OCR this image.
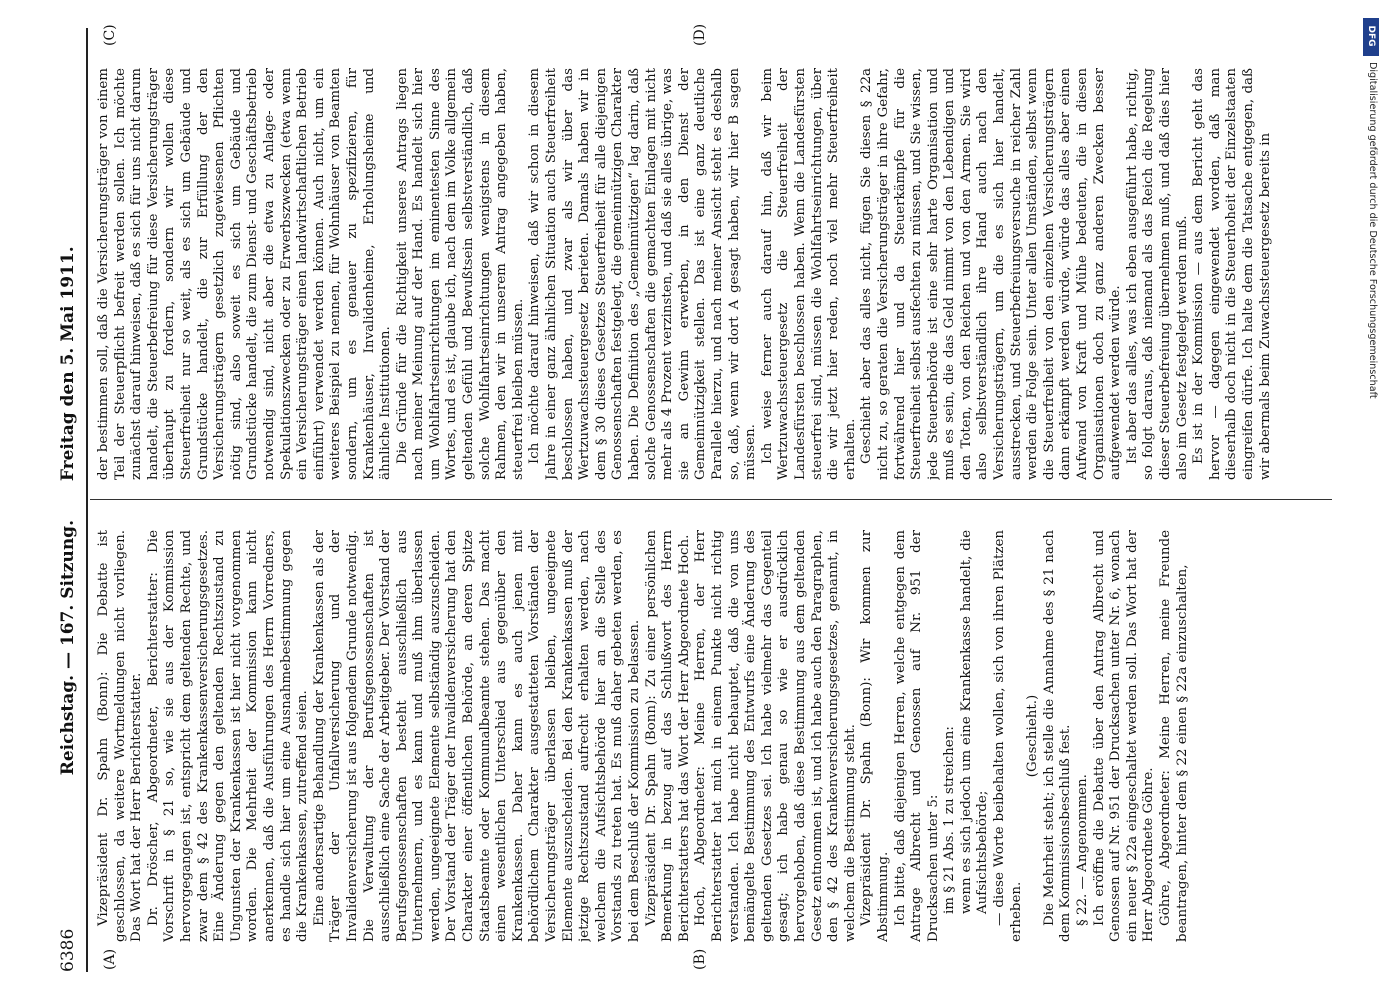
6386
Reichstag. — 167. Sitzung.
Freitag den 5. Mai 1911.
(A)	(B)
(C)	(D)

Vizepräsident Dr. Spahn (Bonn): Die Debatte ist geschlossen, da weitere Wortmeldungen nicht vorliegen. Das Wort hat der Herr Berichterstatter. Dr. Dröscher, Abgeordneter, Berichterstatter: Die Vorschrift in § 21 so, wie sie aus der Kommission hervorgegangen ist, entspricht dem geltenden Rechte, und zwar dem § 42 des Krankenkassenversicherungsgesetzes. Eine Änderung gegen den geltenden Rechtszustand zu Ungunsten der Krankenkassen ist hier nicht vorgenommen worden. Die Mehrheit der Kommission kann nicht anerkennen, daß die Ausführungen des Herrn Vorredners, es handle sich hier um eine Ausnahmebestimmung gegen die Krankenkassen, zutreffend seien. Eine andersartige Behandlung der Krankenkassen als der Träger der Unfallversicherung und der Invalidenversicherung ist aus folgendem Grunde notwendig. Die Verwaltung der Berufsgenossenschaften ist ausschließlich eine Sache der Arbeitgeber. Der Vorstand der Berufsgenossenschaften besteht ausschließlich aus Unternehmern, und es kann und muß ihm überlassen werden, ungeeignete Elemente selbständig auszuscheiden. Der Vorstand der Träger der Invalidenversicherung hat den Charakter einer öffentlichen Behörde, an deren Spitze Staatsbeamte oder Kommunalbeamte stehen. Das macht einen wesentlichen Unterschied aus gegenüber den Krankenkassen. Daher kann es auch jenen mit behördlichem Charakter ausgestatteten Vorständen der Versicherungsträger überlassen bleiben, ungeeignete Elemente auszuscheiden. Bei den Krankenkassen muß der jetzige Rechtszustand aufrecht erhalten werden, nach welchem die Aufsichtsbehörde hier an die Stelle des Vorstands zu treten hat. Es muß daher gebeten werden, es bei dem Beschluß der Kommission zu belassen. Vizepräsident Dr. Spahn (Bonn): Zu einer persönlichen Bemerkung in bezug auf das Schlußwort des Herrn Berichterstatters hat das Wort der Herr Abgeordnete Hoch. Hoch, Abgeordneter: Meine Herren, der Herr Berichterstatter hat mich in einem Punkte nicht richtig verstanden. Ich habe nicht behauptet, daß die von uns bemängelte Bestimmung des Entwurfs eine Änderung des geltenden Gesetzes sei. Ich habe vielmehr das Gegenteil gesagt; ich habe genau so wie er ausdrücklich hervorgehoben, daß diese Bestimmung aus dem geltenden Gesetz entnommen ist, und ich habe auch den Paragraphen, den § 42 des Krankenversicherungsgesetzes, genannt, in welchem die Bestimmung steht. Vizepräsident Dr. Spahn (Bonn): Wir kommen zur Abstimmung. Ich bitte, daß diejenigen Herren, welche entgegen dem Antrage Albrecht und Genossen auf Nr. 951 der Drucksachen unter 5: im § 21 Abs. 1 zu streichen: wenn es sich jedoch um eine Krankenkasse handelt, die Aufsichtsbehörde; — diese Worte beibehalten wollen, sich von ihren Plätzen erheben.

(Geschieht.) Die Mehrheit steht; ich stelle die Annahme des § 21 nach dem Kommissionsbeschluß fest. § 22. — Angenommen. Ich eröffne die Debatte über den Antrag Albrecht und Genossen auf Nr. 951 der Drucksachen unter Nr. 6, wonach ein neuer § 22a eingeschaltet werden soll. Das Wort hat der Herr Abgeordnete Göhre. Göhre, Abgeordneter: Meine Herren, meine Freunde beantragen, hinter dem § 22 einen § 22a einzuschalten,

der bestimmen soll, daß die Versicherungsträger von einem Teil der Steuerpflicht befreit werden sollen. Ich möchte zunächst darauf hinweisen, daß es sich für uns nicht darum handelt, die Steuerbefreiung für diese Versicherungsträger überhaupt zu fordern, sondern wir wollen diese Steuerfreiheit nur so weit, als es sich um Gebäude und Grundstücke handelt, die zur Erfüllung der den Versicherungsträgern gesetzlich zugewiesenen Pflichten nötig sind, also soweit es sich um Gebäude und Grundstücke handelt, die zum Dienst- und Geschäftsbetrieb notwendig sind, nicht aber die etwa zu Anlage- oder Spekulationszwecken oder zu Erwerbszwecken (etwa wenn ein Versicherungsträger einen landwirtschaftlichen Betrieb einführt) verwendet werden können. Auch nicht, um ein weiteres Beispiel zu nennen, für Wohnhäuser von Beamten sondern, um es genauer zu spezifizieren, für Krankenhäuser, Invalidenheime, Erholungsheime und ähnliche Institutionen. Die Gründe für die Richtigkeit unseres Antrags liegen nach meiner Meinung auf der Hand. Es handelt sich hier um Wohlfahrtseinrichtungen im eminentesten Sinne des Wortes, und es ist, glaube ich, nach dem im Volke allgemein geltenden Gefühl und Bewußtsein selbstverständlich, daß solche Wohlfahrtseinrichtungen wenigstens in diesem Rahmen, den wir in unserem Antrag angegeben haben, steuerfrei bleiben müssen. Ich möchte darauf hinweisen, daß wir schon in diesem Jahre in einer ganz ähnlichen Situation auch Steuerfreiheit beschlossen haben, und zwar als wir über das Wertzuwachssteuergesetz berieten. Damals haben wir in dem § 30 dieses Gesetzes Steuerfreiheit für alle diejenigen Genossenschaften festgelegt, die gemeinnützigen Charakter haben. Die Definition des „Gemeinnützigen“ lag darin, daß solche Genossenschaften die gemachten Einlagen mit nicht mehr als 4 Prozent verzinsten, und daß sie alles übrige, was sie an Gewinn erwerben, in den Dienst der Gemeinnützigkeit stellen. Das ist eine ganz deutliche Parallele hierzu, und nach meiner Ansicht steht es deshalb so, daß, wenn wir dort A gesagt haben, wir hier B sagen müssen. Ich weise ferner auch darauf hin, daß wir beim Wertzuwachssteuergesetz die Steuerfreiheit der Landesfürsten beschlossen haben. Wenn die Landesfürsten steuerfrei sind, müssen die Wohlfahrtseinrichtungen, über die wir jetzt hier reden, noch viel mehr Steuerfreiheit erhalten. Geschieht aber das alles nicht, fügen Sie diesen § 22a nicht zu, so geraten die Versicherungsträger in ihre Gefahr, fortwährend hier und da Steuerkämpfe für die Steuerfreiheit selbst ausfechten zu müssen, und Sie wissen, jede Steuerbehörde ist eine sehr harte Organisation und muß es sein, die das Geld nimmt von den Lebendigen und den Toten, von den Reichen und von den Armen. Sie wird also selbstverständlich ihre Hand auch nach den Versicherungsträgern, um die es sich hier handelt, ausstrecken, und Steuerbefreiungsversuche in reicher Zahl werden die Folge sein. Unter allen Umständen, selbst wenn die Steuerfreiheit von den einzelnen Versicherungsträgern dann erkämpft werden würde, würde das alles aber einen Aufwand von Kraft und Mühe bedeuten, die in diesen Organisationen doch zu ganz anderen Zwecken besser aufgewendet werden würde. Ist aber das alles, was ich eben ausgeführt habe, richtig, so folgt daraus, daß niemand als das Reich die Regelung dieser Steuerbefreiung übernehmen muß, und daß dies hier also im Gesetz festgelegt werden muß. Es ist in der Kommission — aus dem Bericht geht das hervor — dagegen eingewendet worden, daß man dieserhalb doch nicht in die Steuerhoheit der Einzelstaaten eingreifen dürfe. Ich halte dem die Tatsache entgegen, daß wir abermals beim Zuwachssteuergesetz bereits in

DFG
Digitalisierung gefördert durch die Deutsche Forschungsgemeinschaft
